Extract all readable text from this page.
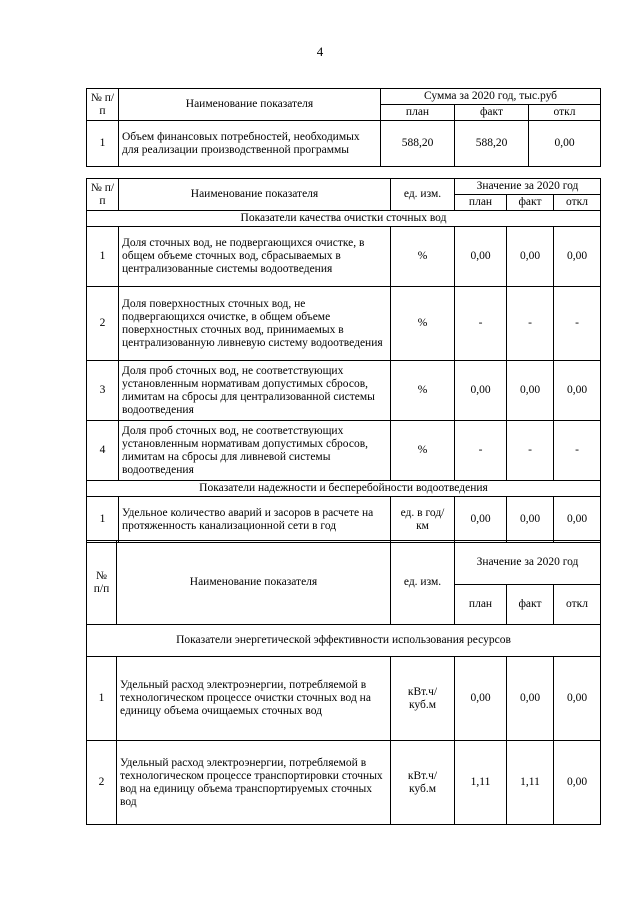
4
№ п/п	Наименование показателя	Сумма за 2020 год, тыс.руб		
		план	факт	откл
1	Объем финансовых потребностей, необходимых для реализации производственной программы	588,20	588,20	0,00
№ п/п	Наименование показателя	ед. изм.	Значение за 2020 год		
			план	факт	откл
Показатели качества очистки сточных вод					
1	Доля сточных вод, не подвергающихся очистке, в общем объеме сточных вод, сбрасываемых в централизованные системы водоотведения	%	0,00	0,00	0,00
2	Доля поверхностных сточных вод, не подвергающихся очистке, в общем объеме поверхностных сточных вод, принимаемых в централизованную ливневую систему водоотведения	%	-	-	-
3	Доля проб сточных вод, не соответствующих установленным нормативам допустимых сбросов, лимитам на сбросы для централизованной системы водоотведения	%	0,00	0,00	0,00
4	Доля проб сточных вод, не соответствующих установленным нормативам допустимых сбросов, лимитам на сбросы для ливневой системы водоотведения	%	-	-	-
Показатели надежности и бесперебойности водоотведения					
1	Удельное количество аварий и засоров в расчете на протяженность канализационной сети в год	ед. в год/ км	0,00	0,00	0,00
№ п/п	Наименование показателя	ед. изм.	Значение за 2020 год		
			план	факт	откл
Показатели энергетической эффективности использования ресурсов					
1	Удельный расход электроэнергии, потребляемой в технологическом процессе очистки сточных вод на единицу объема очищаемых сточных вод	кВт.ч/ куб.м	0,00	0,00	0,00
2	Удельный расход электроэнергии, потребляемой в технологическом процессе транспортировки сточных вод на единицу объема транспортируемых сточных вод	кВт.ч/ куб.м	1,11	1,11	0,00
